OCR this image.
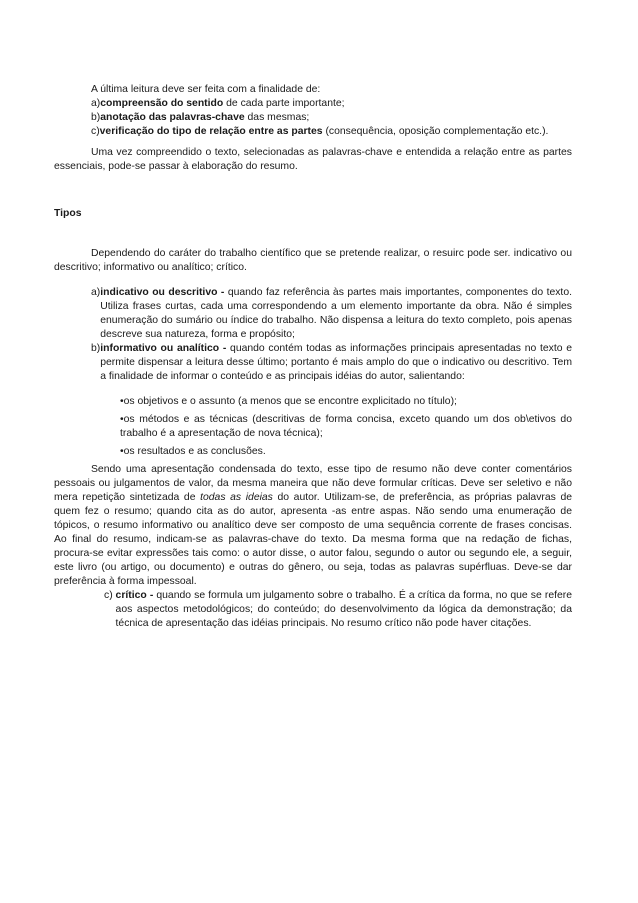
A última leitura deve ser feita com a finalidade de:

a) compreensão do sentido de cada parte importante;
b) anotação das palavras-chave das mesmas;
c) verificação do tipo de relação entre as partes (consequência, oposição complementação etc.).

Uma vez compreendido o texto, selecionadas as palavras-chave e entendida a relação entre as partes essenciais, pode-se passar à elaboração do resumo.

Tipos

Dependendo do caráter do trabalho científico que se pretende realizar, o resuirc pode ser. indicativo ou descritivo; informativo ou analítico; crítico.

a) indicativo ou descritivo - quando faz referência às partes mais importantes, componentes do texto. Utiliza frases curtas, cada uma correspondendo a um elemento importante da obra. Não é simples enumeração do sumário ou índice do trabalho. Não dispensa a leitura do texto completo, pois apenas descreve sua natureza, forma e propósito;
b) informativo ou analítico - quando contém todas as informações principais apresentadas no texto e permite dispensar a leitura desse último; portanto é mais amplo do que o indicativo ou descritivo. Tem a finalidade de informar o conteúdo e as principais idéias do autor, salientando:
•os objetivos e o assunto (a menos que se encontre explicitado no título);
•os métodos e as técnicas (descritivas de forma concisa, exceto quando um dos ob\etivos do trabalho é a apresentação de nova técnica);
•os resultados e as conclusões.

Sendo uma apresentação condensada do texto, esse tipo de resumo não deve conter comentários pessoais ou julgamentos de valor, da mesma maneira que não deve formular críticas. Deve ser seletivo e não mera repetição sintetizada de todas as ideias do autor. Utilizam-se, de preferência, as próprias palavras de quem fez o resumo; quando cita as do autor, apresenta -as entre aspas. Não sendo uma enumeração de tópicos, o resumo informativo ou analítico deve ser composto de uma sequência corrente de frases concisas. Ao final do resumo, indicam-se as palavras-chave do texto. Da mesma forma que na redação de fichas, procura-se evitar expressões tais como: o autor disse, o autor falou, segundo o autor ou segundo ele, a seguir, este livro (ou artigo, ou documento) e outras do gênero, ou seja, todas as palavras supérfluas. Deve-se dar preferência à forma impessoal.

c) crítico - quando se formula um julgamento sobre o trabalho. É a crítica da forma, no que se refere aos aspectos metodológicos; do conteúdo; do desenvolvimento da lógica da demonstração; da técnica de apresentação das idéias principais. No resumo crítico não pode haver citações.
